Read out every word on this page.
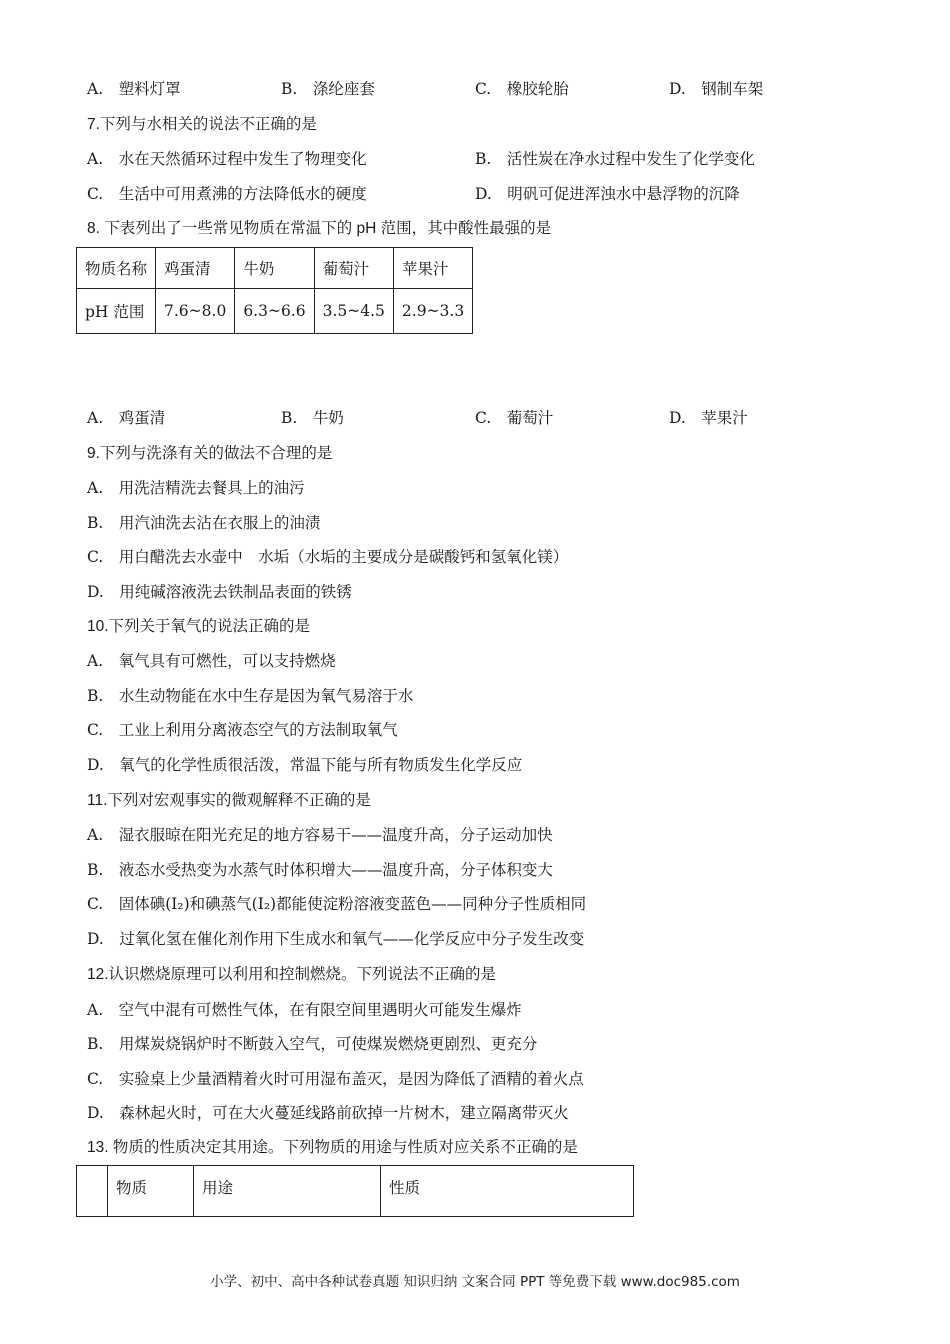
A.　塑料灯罩	B.　涤纶座套	C.　橡胶轮胎	D.　钢制车架
7.下列与水相关的说法不正确的是
A.　水在天然循环过程中发生了物理变化	B.　活性炭在净水过程中发生了化学变化
C.　生活中可用煮沸的方法降低水的硬度	D.　明矾可促进浑浊水中悬浮物的沉降
8. 下表列出了一些常见物质在常温下的 pH 范围，其中酸性最强的是
物质名称	鸡蛋清	牛奶	葡萄汁	苹果汁
pH 范围	7.6~8.0	6.3~6.6	3.5~4.5	2.9~3.3
A.　鸡蛋清	B.　牛奶	C.　葡萄汁	D.　苹果汁
9.下列与洗涤有关的做法不合理的是
A.　用洗洁精洗去餐具上的油污
B.　用汽油洗去沾在衣服上的油渍
C.　用白醋洗去水壶中　水垢（水垢的主要成分是碳酸钙和氢氧化镁）
D.　用纯碱溶液洗去铁制品表面的铁锈
10.下列关于氧气的说法正确的是
A.　氧气具有可燃性，可以支持燃烧
B.　水生动物能在水中生存是因为氧气易溶于水
C.　工业上利用分离液态空气的方法制取氧气
D.　氧气的化学性质很活泼，常温下能与所有物质发生化学反应
11.下列对宏观事实的微观解释不正确的是
A.　湿衣服晾在阳光充足的地方容易干——温度升高，分子运动加快
B.　液态水受热变为水蒸气时体积增大——温度升高，分子体积变大
C.　固体碘(I₂)和碘蒸气(I₂)都能使淀粉溶液变蓝色——同种分子性质相同
D.　过氧化氢在催化剂作用下生成水和氧气——化学反应中分子发生改变
12.认识燃烧原理可以利用和控制燃烧。下列说法不正确的是
A.　空气中混有可燃性气体，在有限空间里遇明火可能发生爆炸
B.　用煤炭烧锅炉时不断鼓入空气，可使煤炭燃烧更剧烈、更充分
C.　实验桌上少量酒精着火时可用湿布盖灭，是因为降低了酒精的着火点
D.　森林起火时，可在大火蔓延线路前砍掉一片树木，建立隔离带灭火
13. 物质的性质决定其用途。下列物质的用途与性质对应关系不正确的是
	物质	用途	性质
小学、初中、高中各种试卷真题 知识归纳 文案合同 PPT 等免费下载 www.doc985.com
